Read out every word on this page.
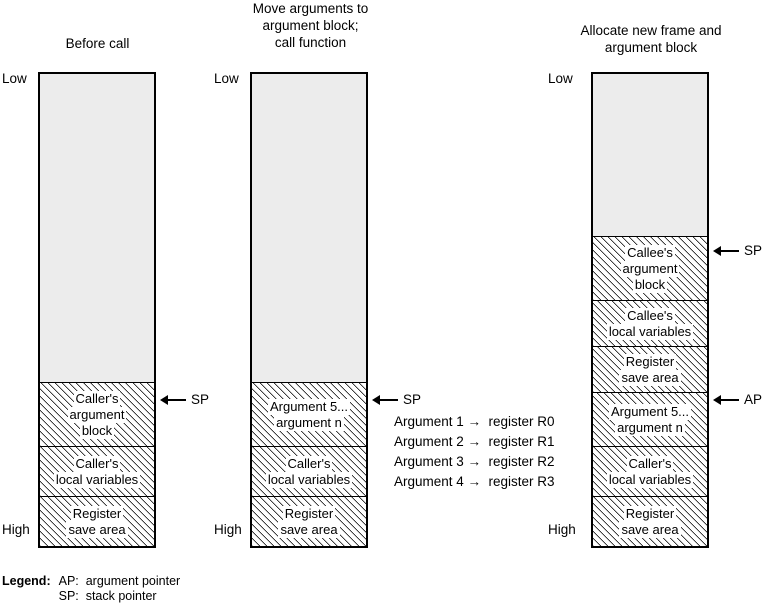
Before call
Low
High
Caller's
argument
block
Caller's
local variables
Register
save area
SP
Move arguments to
argument block;
call function
Low
High
Argument 5...
argument n
Caller's
local variables
Register
save area
SP
Argument 1 →  register R0
Argument 2 →  register R1
Argument 3 →  register R2
Argument 4 →  register R3
Allocate new frame and
argument block
Low
High
Callee's
argument
block
Callee's
local variables
Register
save area
Argument 5...
argument n
Caller's
local variables
Register
save area
SP
AP
Legend: AP:  argument pointer
SP:  stack pointer
